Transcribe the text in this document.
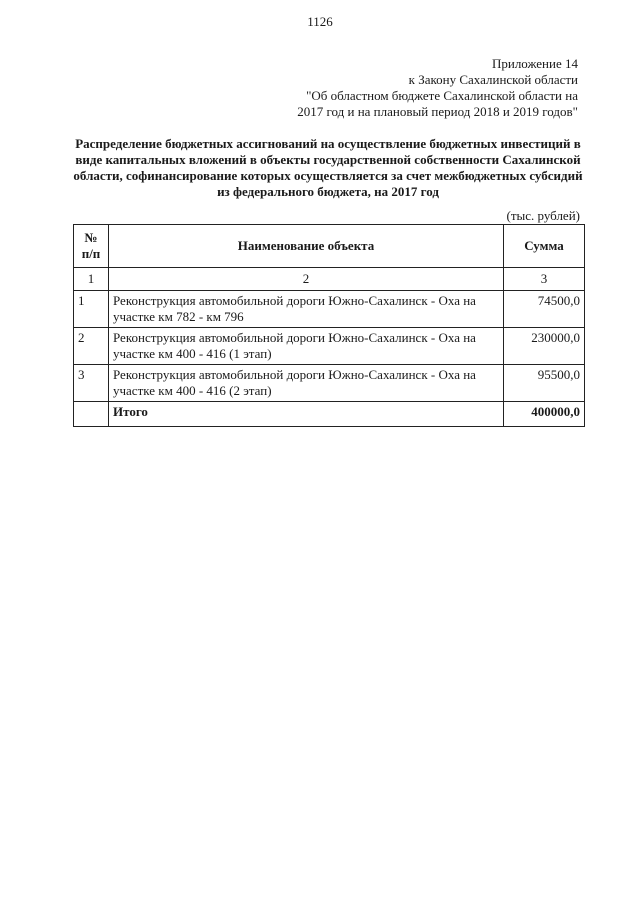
1126
Приложение 14
к Закону Сахалинской области
"Об областном бюджете Сахалинской области на
2017 год и на плановый период 2018 и 2019 годов"
Распределение бюджетных ассигнований на осуществление бюджетных инвестиций в
виде капитальных вложений в объекты государственной собственности Сахалинской
области, софинансирование которых осуществляется за счет межбюджетных субсидий
из федерального бюджета, на 2017 год
(тыс. рублей)
№
п/п	Наименование объекта	Сумма
1	2	3
1	Реконструкция автомобильной дороги Южно-Сахалинск - Оха на
участке км 782 - км 796	74500,0
2	Реконструкция автомобильной дороги Южно-Сахалинск - Оха на
участке км 400 - 416 (1 этап)	230000,0
3	Реконструкция автомобильной дороги Южно-Сахалинск - Оха на
участке км 400 - 416 (2 этап)	95500,0
	Итого	400000,0
